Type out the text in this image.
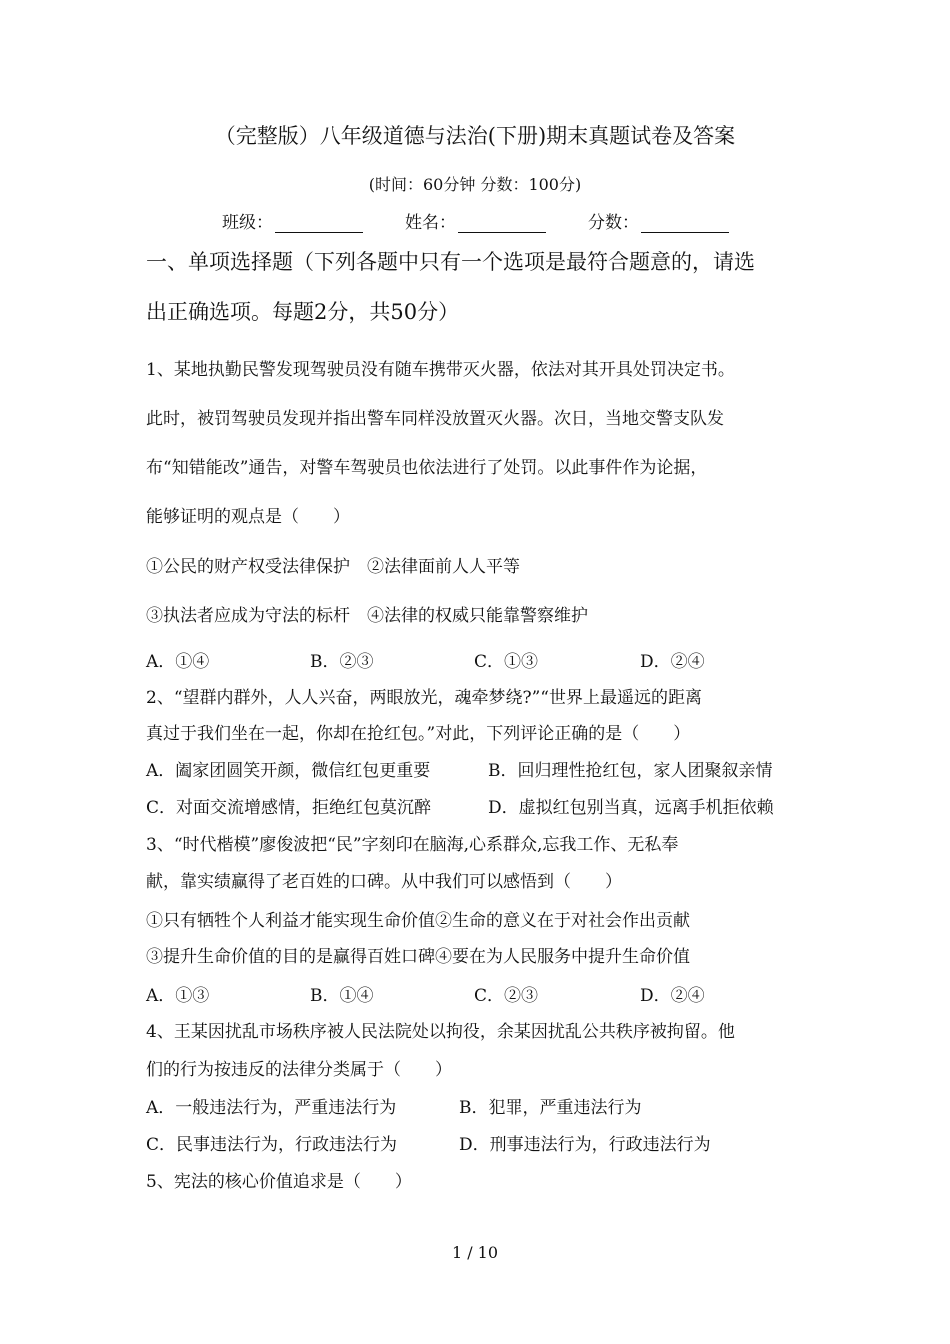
（完整版）八年级道德与法治(下册)期末真题试卷及答案
(时间：60分钟 分数：100分)
班级：	姓名：	分数：
一、单项选择题（下列各题中只有一个选项是最符合题意的，请选
出正确选项。每题2分，共50分）
1、某地执勤民警发现驾驶员没有随车携带灭火器，依法对其开具处罚决定书。
此时，被罚驾驶员发现并指出警车同样没放置灭火器。次日，当地交警支队发
布“知错能改”通告，对警车驾驶员也依法进行了处罚。以此事件作为论据，
能够证明的观点是（　　）
①公民的财产权受法律保护　②法律面前人人平等
③执法者应成为守法的标杆　④法律的权威只能靠警察维护
A．①④	B．②③	C．①③	D．②④
2、“望群内群外，人人兴奋，两眼放光，魂牵梦绕?”“世界上最遥远的距离
真过于我们坐在一起，你却在抢红包。”对此，下列评论正确的是（　　）
A．阖家团圆笑开颜，微信红包更重要	B．回归理性抢红包，家人团聚叙亲情
C．对面交流增感情，拒绝红包莫沉醉	D．虚拟红包别当真，远离手机拒依赖
3、“时代楷模”廖俊波把“民”字刻印在脑海,心系群众,忘我工作、无私奉
献，靠实绩赢得了老百姓的口碑。从中我们可以感悟到（　　）
①只有牺牲个人利益才能实现生命价值②生命的意义在于对社会作出贡献
③提升生命价值的目的是赢得百姓口碑④要在为人民服务中提升生命价值
A．①③	B．①④	C．②③	D．②④
4、王某因扰乱市场秩序被人民法院处以拘役，余某因扰乱公共秩序被拘留。他
们的行为按违反的法律分类属于（　　）
A．一般违法行为，严重违法行为	B．犯罪，严重违法行为
C．民事违法行为，行政违法行为	D．刑事违法行为，行政违法行为
5、宪法的核心价值追求是（　　）
1 / 10
